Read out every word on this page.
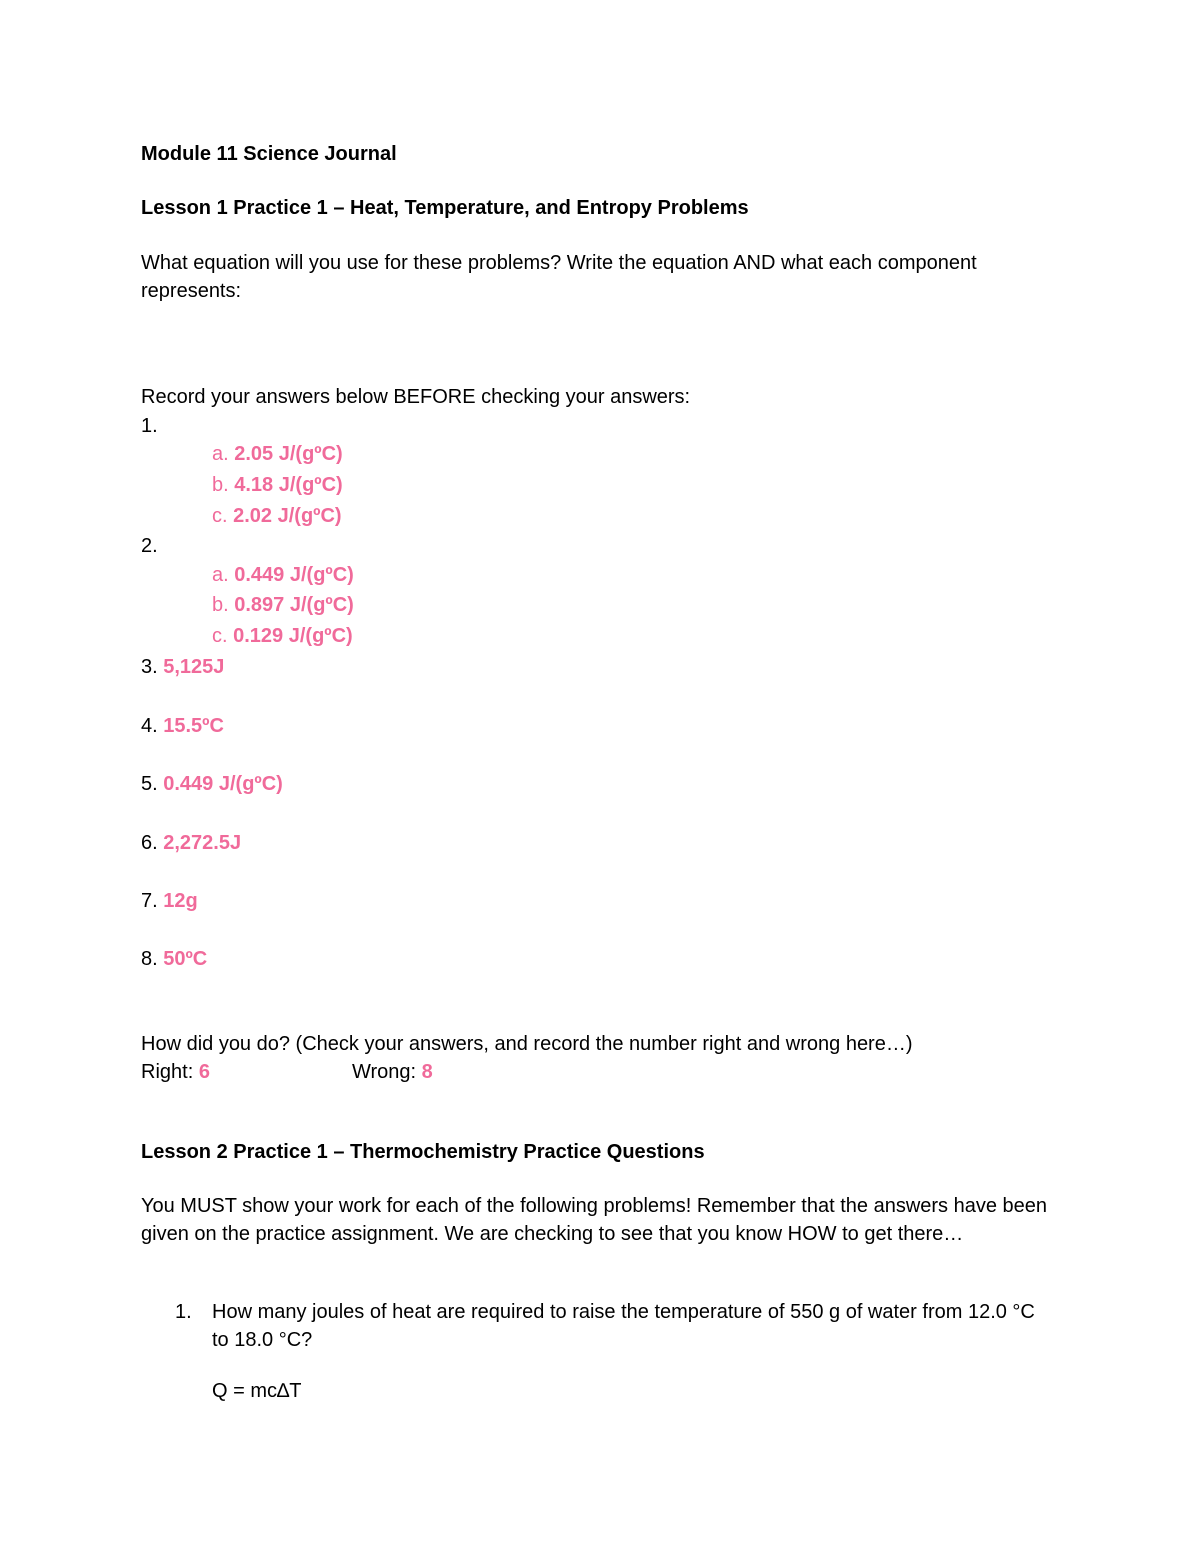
Module 11 Science Journal
Lesson 1 Practice 1 – Heat, Temperature, and Entropy Problems
What equation will you use for these problems? Write the equation AND what each component represents:
Record your answers below BEFORE checking your answers:
1.
a. 2.05 J/(gºC)
b. 4.18 J/(gºC)
c. 2.02 J/(gºC)
2.
a. 0.449 J/(gºC)
b. 0.897 J/(gºC)
c. 0.129 J/(gºC)
3. 5,125J
4. 15.5ºC
5. 0.449 J/(gºC)
6. 2,272.5J
7. 12g
8. 50ºC
How did you do? (Check your answers, and record the number right and wrong here…)
Right: 6	Wrong: 8
Lesson 2 Practice 1 – Thermochemistry Practice Questions
You MUST show your work for each of the following problems! Remember that the answers have been given on the practice assignment. We are checking to see that you know HOW to get there…
1. How many joules of heat are required to raise the temperature of 550 g of water from 12.0 °C to 18.0 °C?
Q = mc∆T
